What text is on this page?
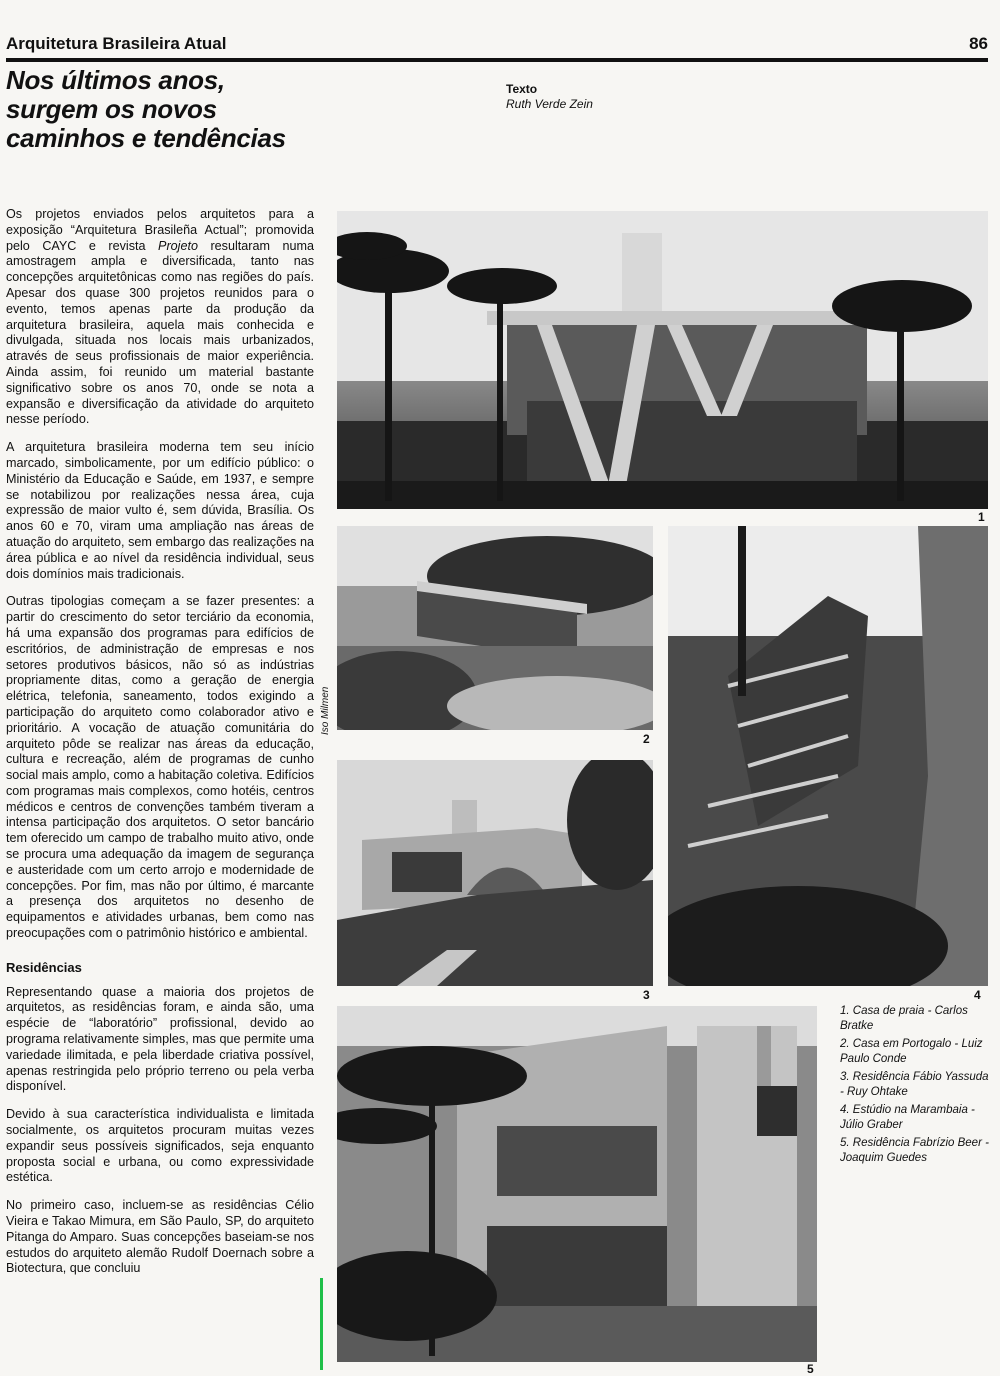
Arquitetura Brasileira Atual	86
Nos últimos anos,
surgem os novos
caminhos e tendências
Texto
Ruth Verde Zein

Os projetos enviados pelos arquitetos para a exposição “Arquitetura Brasileña Actual”; promovida pelo CAYC e revista Projeto resultaram numa amostragem ampla e diversificada, tanto nas concepções arquitetônicas como nas regiões do país. Apesar dos quase 300 projetos reunidos para o evento, temos apenas parte da produção da arquitetura brasileira, aquela mais conhecida e divulgada, situada nos locais mais urbanizados, através de seus profissionais de maior experiência. Ainda assim, foi reunido um material bastante significativo sobre os anos 70, onde se nota a expansão e diversificação da atividade do arquiteto nesse período.

A arquitetura brasileira moderna tem seu início marcado, simbolicamente, por um edifício público: o Ministério da Educação e Saúde, em 1937, e sempre se notabilizou por realizações nessa área, cuja expressão de maior vulto é, sem dúvida, Brasília. Os anos 60 e 70, viram uma ampliação nas áreas de atuação do arquiteto, sem embargo das realizações na área pública e ao nível da residência individual, seus dois domínios mais tradicionais.

Outras tipologias começam a se fazer presentes: a partir do crescimento do setor terciário da economia, há uma expansão dos programas para edifícios de escritórios, de administração de empresas e nos setores produtivos básicos, não só as indústrias propriamente ditas, como a geração de energia elétrica, telefonia, saneamento, todos exigindo a participação do arquiteto como colaborador ativo e prioritário. A vocação de atuação comunitária do arquiteto pôde se realizar nas áreas da educação, cultura e recreação, além de programas de cunho social mais amplo, como a habitação coletiva. Edifícios com programas mais complexos, como hotéis, centros médicos e centros de convenções também tiveram a intensa participação dos arquitetos. O setor bancário tem oferecido um campo de trabalho muito ativo, onde se procura uma adequação da imagem de segurança e austeridade com um certo arrojo e modernidade de concepções. Por fim, mas não por último, é marcante a presença dos arquitetos no desenho de equipamentos e atividades urbanas, bem como nas preocupações com o patrimônio histórico e ambiental.

Residências

Representando quase a maioria dos projetos de arquitetos, as residências foram, e ainda são, uma espécie de “laboratório” profissional, devido ao programa relativamente simples, mas que permite uma variedade ilimitada, e pela liberdade criativa possível, apenas restringida pelo próprio terreno ou pela verba disponível.

Devido à sua característica individualista e limitada socialmente, os arquitetos procuram muitas vezes expandir seus possíveis significados, seja enquanto proposta social e urbana, ou como expressividade estética.

No primeiro caso, incluem-se as residências Célio Vieira e Takao Mimura, em São Paulo, SP, do arquiteto Pitanga do Amparo. Suas concepções baseiam-se nos estudos do arquiteto alemão Rudolf Doernach sobre a Biotectura, que concluiu

1
2
Iso Milmen
3	4
5
1. Casa de praia - Carlos Bratke
2. Casa em Portogalo - Luiz Paulo Conde
3. Residência Fábio Yassuda - Ruy Ohtake
4. Estúdio na Marambaia - Júlio Graber
5. Residência Fabrízio Beer - Joaquim Guedes
